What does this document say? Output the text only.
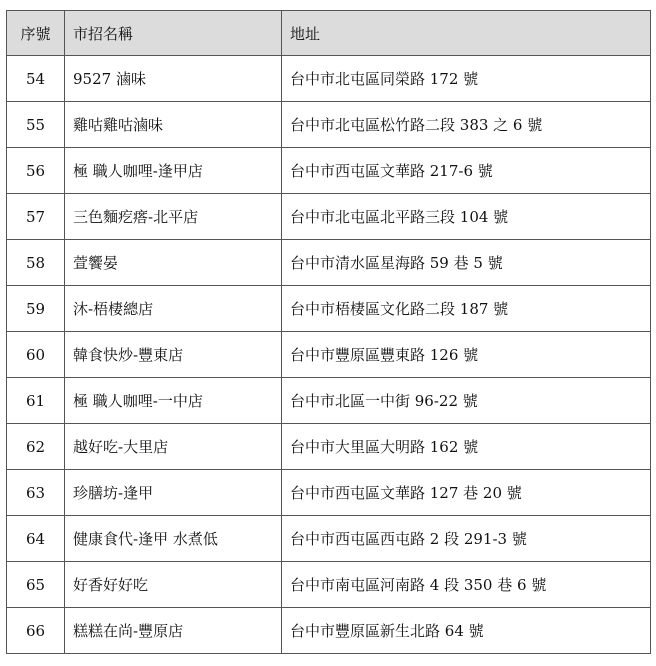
序號	市招名稱	地址
54	9527 滷味	台中市北屯區同榮路 172 號
55	雞咕雞咕滷味	台中市北屯區松竹路二段 383 之 6 號
56	極 職人咖哩-逢甲店	台中市西屯區文華路 217-6 號
57	三色麵疙瘩-北平店	台中市北屯區北平路三段 104 號
58	萱饗晏	台中市清水區星海路 59 巷 5 號
59	沐-梧棲總店	台中市梧棲區文化路二段 187 號
60	韓食快炒-豐東店	台中市豐原區豐東路 126 號
61	極 職人咖哩-一中店	台中市北區一中街 96-22 號
62	越好吃-大里店	台中市大里區大明路 162 號
63	珍膳坊-逢甲	台中市西屯區文華路 127 巷 20 號
64	健康食代-逢甲 水煮低	台中市西屯區西屯路 2 段 291-3 號
65	好香好好吃	台中市南屯區河南路 4 段 350 巷 6 號
66	糕糕在尚-豐原店	台中市豐原區新生北路 64 號
